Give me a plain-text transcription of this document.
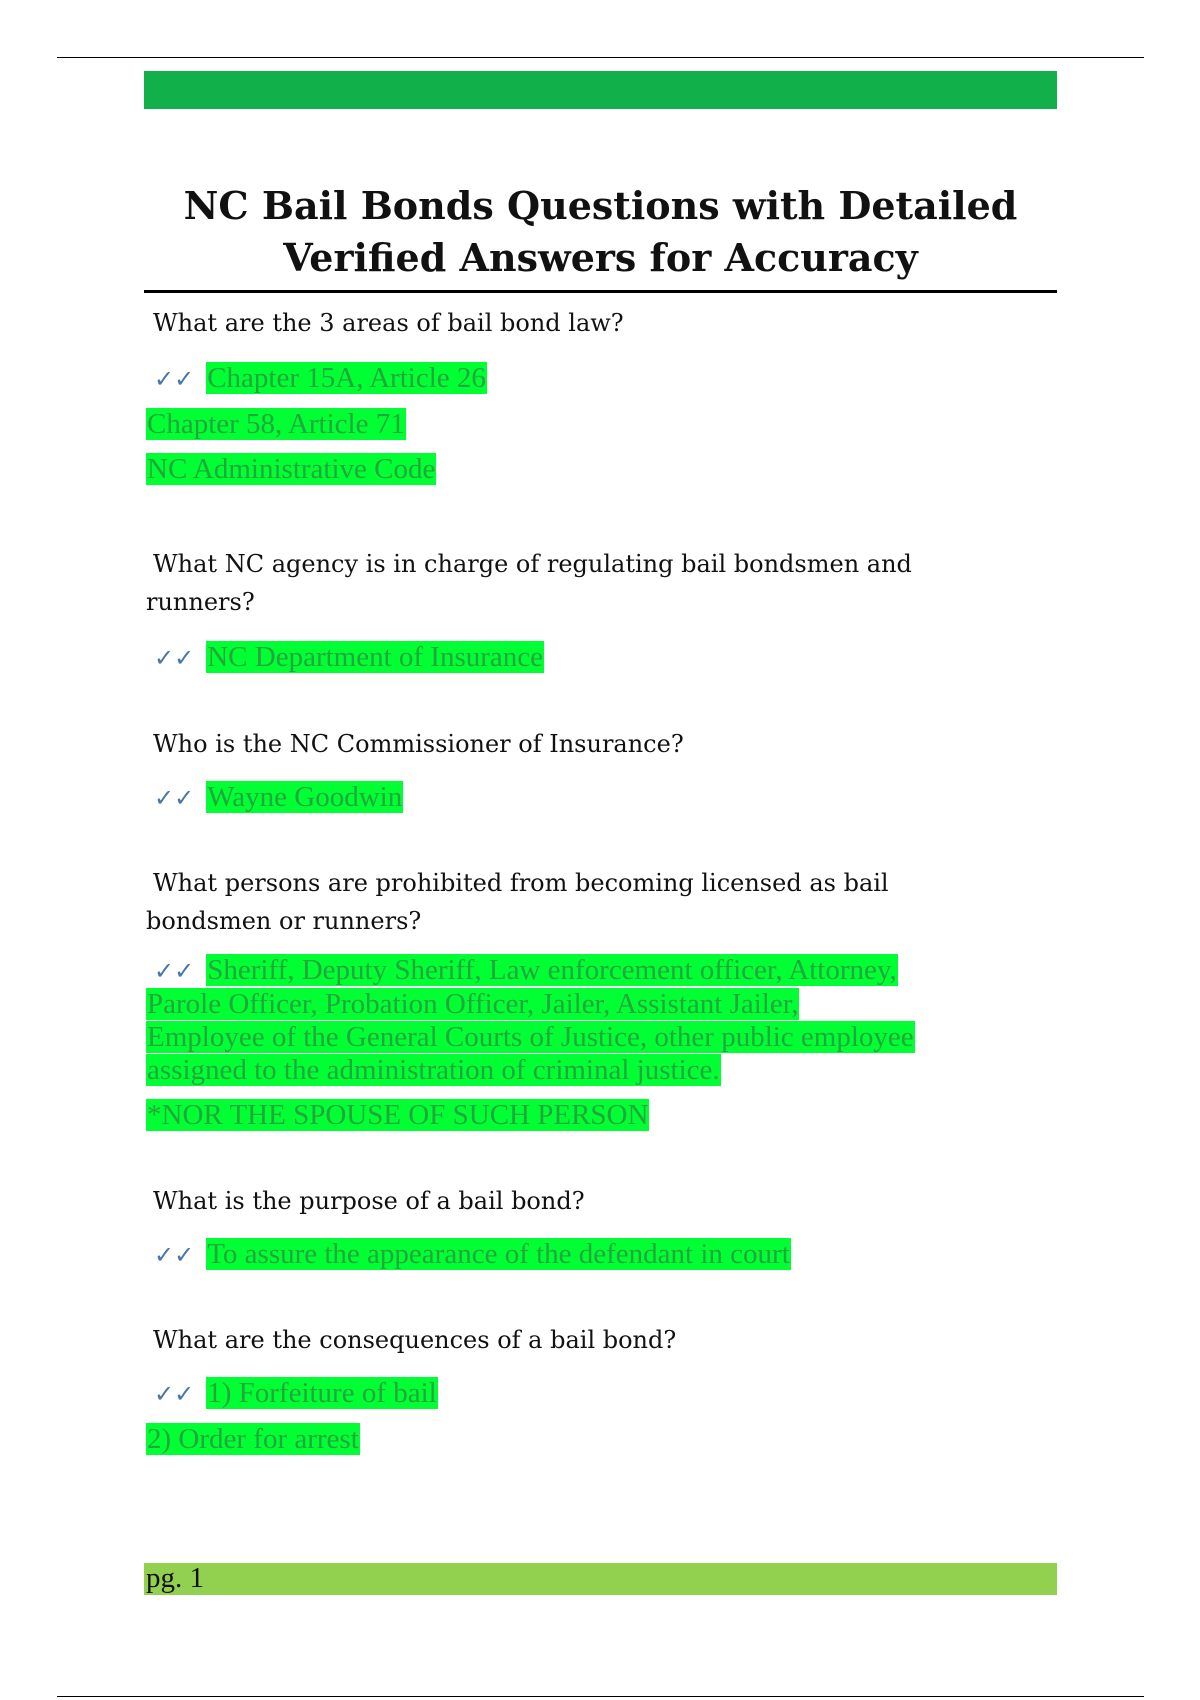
NC Bail Bonds Questions with Detailed
Verified Answers for Accuracy
What are the 3 areas of bail bond law?
✓✓ Chapter 15A, Article 26
Chapter 58, Article 71
NC Administrative Code
What NC agency is in charge of regulating bail bondsmen and
runners?
✓✓ NC Department of Insurance
Who is the NC Commissioner of Insurance?
✓✓ Wayne Goodwin
What persons are prohibited from becoming licensed as bail
bondsmen or runners?
✓✓ Sheriff, Deputy Sheriff, Law enforcement officer, Attorney,
Parole Officer, Probation Officer, Jailer, Assistant Jailer,
Employee of the General Courts of Justice, other public employee
assigned to the administration of criminal justice.
*NOR THE SPOUSE OF SUCH PERSON
What is the purpose of a bail bond?
✓✓ To assure the appearance of the defendant in court
What are the consequences of a bail bond?
✓✓ 1) Forfeiture of bail
2) Order for arrest
pg. 1
